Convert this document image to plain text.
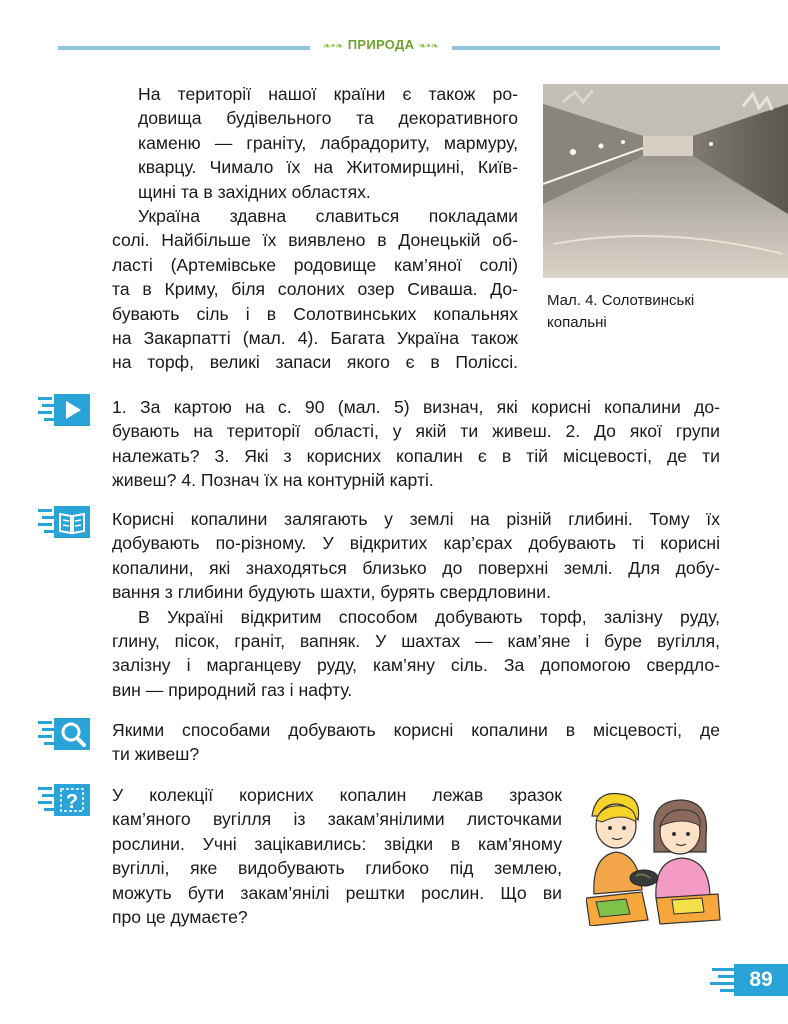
❧•❧ ПРИРОДА ❧•❧

На території нашої країни є також ро-
довища будівельного та декоративного
каменю — граніту, лабрадориту, мармуру,
кварцу. Чимало їх на Житомирщині, Київ-
щині та в західних областях.

Україна здавна славиться покладами
солі. Найбільше їх виявлено в Донецькій об-
ласті (Артемівське родовище кам’яної солі)
та в Криму, біля солоних озер Сиваша. До-
бувають сіль і в Солотвинських копальнях
на Закарпатті (мал. 4). Багата Україна також
на торф, великі запаси якого є в Поліссі.

Мал. 4. Солотвинські
копальні

1. За картою на с. 90 (мал. 5) визнач, які корисні копалини до-
бувають на території області, у якій ти живеш. 2. До якої групи
належать? 3. Які з корисних копалин є в тій місцевості, де ти
живеш? 4. Познач їх на контурній карті.

Корисні копалини залягають у землі на різній глибині. Тому їх
добувають по-різному. У відкритих кар’єрах добувають ті корисні
копалини, які знаходяться близько до поверхні землі. Для добу-
вання з глибини будують шахти, бурять свердловини.

В Україні відкритим способом добувають торф, залізну руду,
глину, пісок, граніт, вапняк. У шахтах — кам’яне і буре вугілля,
залізну і марганцеву руду, кам’яну сіль. За допомогою свердло-
вин — природний газ і нафту.

Якими способами добувають корисні копалини в місцевості, де
ти живеш?

? У колекції корисних копалин лежав зразок
кам’яного вугілля із закам’янілими листочками
рослини. Учні зацікавились: звідки в кам’яному
вугіллі, яке видобувають глибоко під землею,
можуть бути закам’янілі рештки рослин. Що ви
про це думаєте?

89
